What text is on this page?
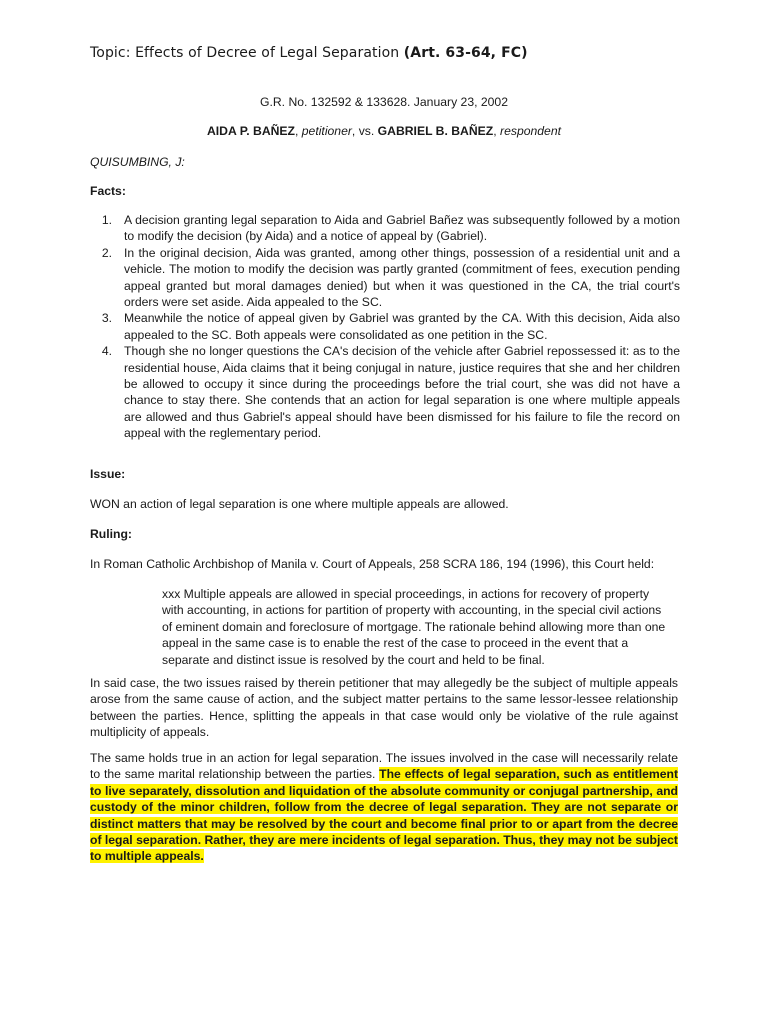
Topic: Effects of Decree of Legal Separation (Art. 63-64, FC)
G.R. No. 132592 & 133628. January 23, 2002
AIDA P. BAÑEZ, petitioner, vs. GABRIEL B. BAÑEZ, respondent
QUISUMBING, J:
Facts:
1. A decision granting legal separation to Aida and Gabriel Bañez was subsequently followed by a motion to modify the decision (by Aida) and a notice of appeal by (Gabriel).
2. In the original decision, Aida was granted, among other things, possession of a residential unit and a vehicle. The motion to modify the decision was partly granted (commitment of fees, execution pending appeal granted but moral damages denied) but when it was questioned in the CA, the trial court's orders were set aside. Aida appealed to the SC.
3. Meanwhile the notice of appeal given by Gabriel was granted by the CA. With this decision, Aida also appealed to the SC. Both appeals were consolidated as one petition in the SC.
4. Though she no longer questions the CA's decision of the vehicle after Gabriel repossessed it: as to the residential house, Aida claims that it being conjugal in nature, justice requires that she and her children be allowed to occupy it since during the proceedings before the trial court, she was did not have a chance to stay there. She contends that an action for legal separation is one where multiple appeals are allowed and thus Gabriel's appeal should have been dismissed for his failure to file the record on appeal with the reglementary period.
Issue:
WON an action of legal separation is one where multiple appeals are allowed.
Ruling:
In Roman Catholic Archbishop of Manila v. Court of Appeals, 258 SCRA 186, 194 (1996), this Court held:
xxx Multiple appeals are allowed in special proceedings, in actions for recovery of property with accounting, in actions for partition of property with accounting, in the special civil actions of eminent domain and foreclosure of mortgage. The rationale behind allowing more than one appeal in the same case is to enable the rest of the case to proceed in the event that a separate and distinct issue is resolved by the court and held to be final.
In said case, the two issues raised by therein petitioner that may allegedly be the subject of multiple appeals arose from the same cause of action, and the subject matter pertains to the same lessor-lessee relationship between the parties. Hence, splitting the appeals in that case would only be violative of the rule against multiplicity of appeals.
The same holds true in an action for legal separation. The issues involved in the case will necessarily relate to the same marital relationship between the parties. The effects of legal separation, such as entitlement to live separately, dissolution and liquidation of the absolute community or conjugal partnership, and custody of the minor children, follow from the decree of legal separation. They are not separate or distinct matters that may be resolved by the court and become final prior to or apart from the decree of legal separation. Rather, they are mere incidents of legal separation. Thus, they may not be subject to multiple appeals.
